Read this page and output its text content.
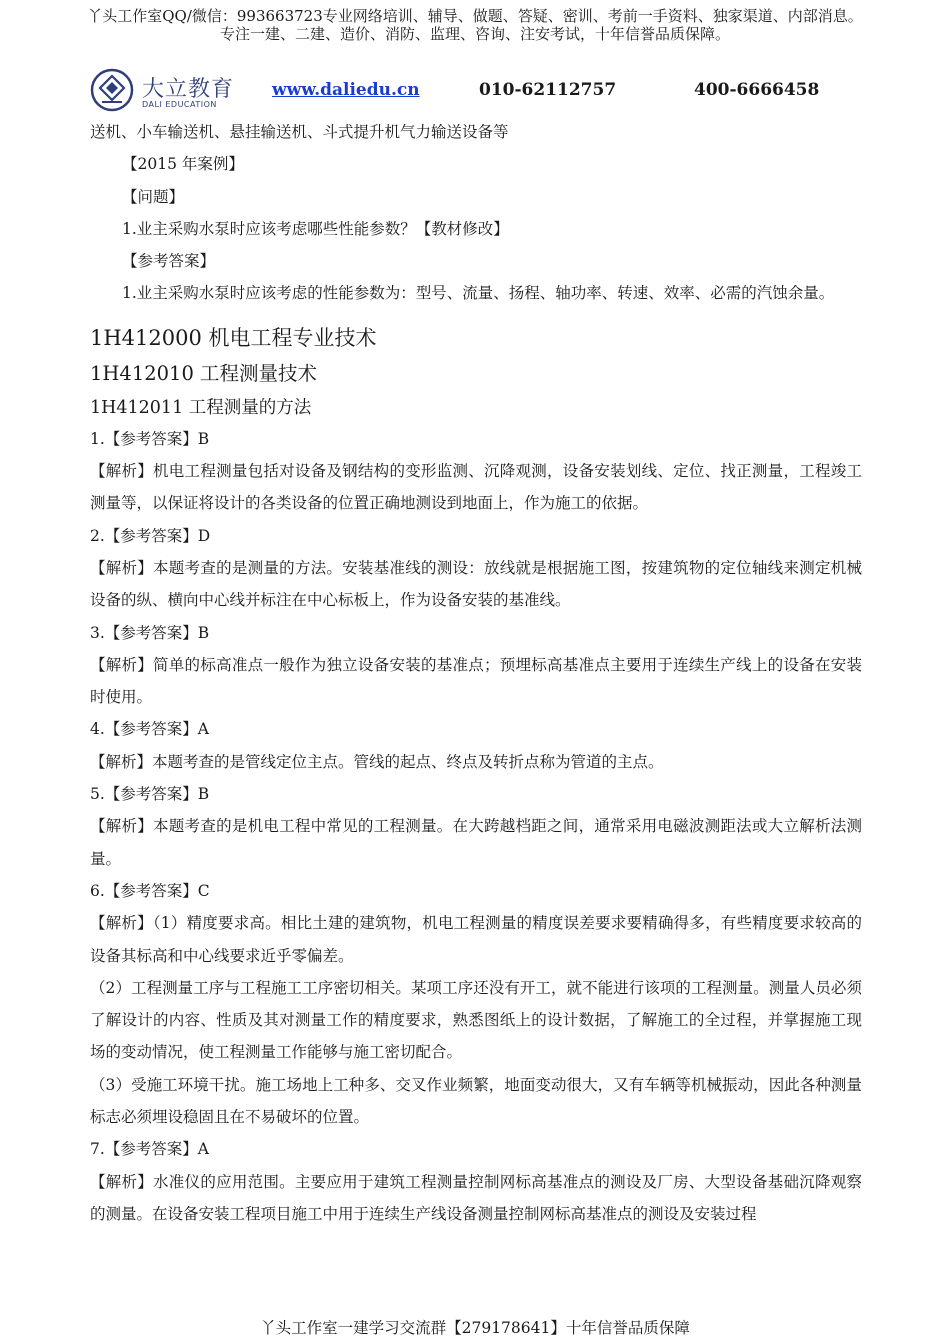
丫头工作室QQ/微信：993663723专业网络培训、辅导、做题、答疑、密训、考前一手资料、独家渠道、内部消息。
专注一建、二建、造价、消防、监理、咨询、注安考试，十年信誉品质保障。
大立教育
DALI EDUCATION
www.daliedu.cn	010-62112757	400-6666458

送机、小车输送机、悬挂输送机、斗式提升机气力输送设备等

【2015 年案例】

【问题】

1.业主采购水泵时应该考虑哪些性能参数？【教材修改】

【参考答案】

1.业主采购水泵时应该考虑的性能参数为：型号、流量、扬程、轴功率、转速、效率、必需的汽蚀余量。

1H412000 机电工程专业技术
1H412010 工程测量技术
1H412011 工程测量的方法

1.【参考答案】B

【解析】机电工程测量包括对设备及钢结构的变形监测、沉降观测，设备安装划线、定位、找正测量，工程竣工测量等，以保证将设计的各类设备的位置正确地测设到地面上，作为施工的依据。

2.【参考答案】D

【解析】本题考查的是测量的方法。安装基准线的测设：放线就是根据施工图，按建筑物的定位轴线来测定机械设备的纵、横向中心线并标注在中心标板上，作为设备安装的基准线。

3.【参考答案】B

【解析】简单的标高准点一般作为独立设备安装的基准点；预埋标高基准点主要用于连续生产线上的设备在安装时使用。

4.【参考答案】A

【解析】本题考查的是管线定位主点。管线的起点、终点及转折点称为管道的主点。

5.【参考答案】B

【解析】本题考查的是机电工程中常见的工程测量。在大跨越档距之间，通常采用电磁波测距法或大立解析法测量。

6.【参考答案】C

【解析】（1）精度要求高。相比土建的建筑物，机电工程测量的精度误差要求要精确得多，有些精度要求较高的设备其标高和中心线要求近乎零偏差。

（2）工程测量工序与工程施工工序密切相关。某项工序还没有开工，就不能进行该项的工程测量。测量人员必须了解设计的内容、性质及其对测量工作的精度要求，熟悉图纸上的设计数据，了解施工的全过程，并掌握施工现场的变动情况，使工程测量工作能够与施工密切配合。

（3）受施工环境干扰。施工场地上工种多、交叉作业频繁，地面变动很大，又有车辆等机械振动，因此各种测量标志必须埋设稳固且在不易破坏的位置。

7.【参考答案】A

【解析】水准仪的应用范围。主要应用于建筑工程测量控制网标高基准点的测设及厂房、大型设备基础沉降观察的测量。在设备安装工程项目施工中用于连续生产线设备测量控制网标高基准点的测设及安装过程

丫头工作室一建学习交流群【279178641】十年信誉品质保障
